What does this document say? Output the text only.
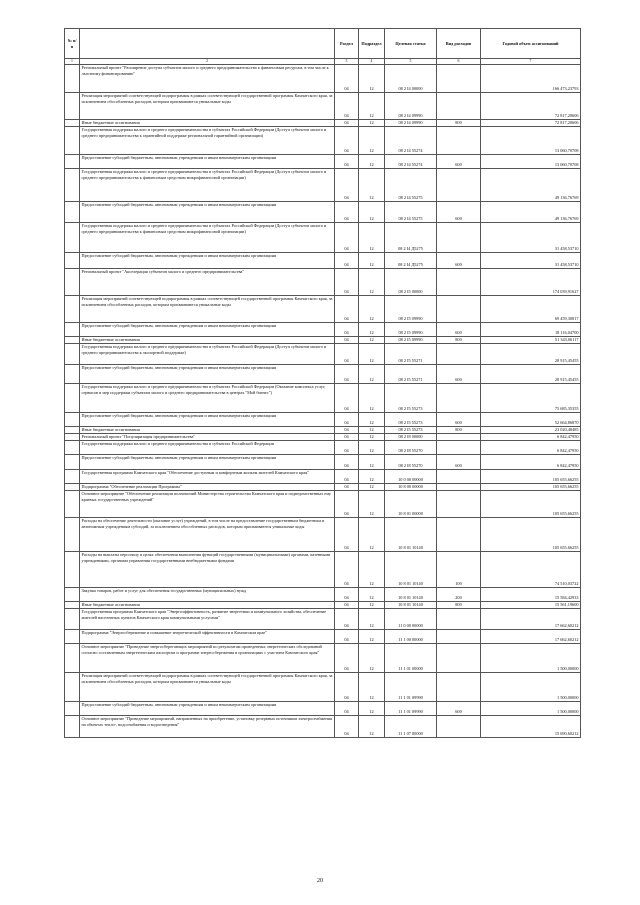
№ п/п		Раздел	Подраздел	Целевая статья	Вид расходов	Годовой объем ассигнований
1	2	3	4	5	6	7
	Региональный проект "Расширение доступа субъектов малого и среднего предпринимательства к финансовым ресурсам, в том числе к льготному финансированию"	04	12	08 2 I4 00000		166 473,23793
	Реализация мероприятий соответствующей подпрограммы в рамках соответствующей государственной программы Камчатского края, за исключением обособленных расходов, которым присваиваются уникальные коды	04	12	08 2 I4 09990		72 817,20606
	Иные бюджетные ассигнования	04	12	08 2 I4 09990	800	72 817,20606
	Государственная поддержка малого и среднего предпринимательства в субъектах Российской Федерации (Доступ субъектов малого и среднего предпринимательства к гарантийной поддержке региональной гарантийной организации)	04	12	08 2 I4 55274		13 060,70708
	Предоставление субсидий бюджетным, автономным учреждениям и иным некоммерческим организациям	04	12	08 2 I4 55274	600	13 060,70708
	Государственная поддержка малого и среднего предпринимательства в субъектах Российской Федерации (Доступ субъектов малого и среднего предпринимательства к финансовым средствам микрофинансовой организации)	04	12	08 2 I4 55275		49 136,76769
	Предоставление субсидий бюджетным, автономным учреждениям и иным некоммерческим организациям	04	12	08 2 I4 55275	600	49 136,76769
	Государственная поддержка малого и среднего предпринимательства в субъектах Российской Федерации (Доступ субъектов малого и среднего предпринимательства к финансовым средствам микрофинансовой организации)	04	12	08 2 I4 Д5275		31 458,53710
	Предоставление субсидий бюджетным, автономным учреждениям и иным некоммерческим организациям	04	12	08 2 I4 Д5275	600	31 458,53710
	Региональный проект "Акселерация субъектов малого и среднего предпринимательства"	04	12	08 2 I5 00000		174 039,91627
	Реализация мероприятий соответствующей подпрограммы в рамках соответствующей государственной программы Камчатского края, за исключением обособленных расходов, которым присваиваются уникальные коды	04	12	08 2 I5 09990		69 459,30817
	Предоставление субсидий бюджетным, автономным учреждениям и иным некоммерческим организациям	04	12	08 2 I5 09990	600	18 116,04700
	Иные бюджетные ассигнования	04	12	08 2 I5 09990	800	51 343,06117
	Государственная поддержка малого и среднего предпринимательства в субъектах Российской Федерации (Доступ субъектов малого и среднего предпринимательства к экспортной поддержке)	04	12	08 2 I5 55271		28 915,45455
	Предоставление субсидий бюджетным, автономным учреждениям и иным некоммерческим организациям	04	12	08 2 I5 55271	600	28 915,45455
	Государственная поддержка малого и среднего предпринимательства в субъектах Российской Федерации (Оказание комплекса услуг, сервисов и мер поддержки субъектам малого и среднего предпринимательства в центрах "Мой бизнес")	04	12	08 2 I5 55273		75 685,35355
	Предоставление субсидий бюджетным, автономным учреждениям и иным некоммерческим организациям	04	12	08 2 I5 55273	600	52 664,86870
	Иные бюджетные ассигнования	04	12	08 2 I5 55273	800	23 020,48485
	Региональный проект "Популяризация предпринимательства"	04	12	08 2 I8 00000		6 842,47950
	Государственная поддержка малого и среднего предпринимательства в субъектах Российской Федерации	04	12	08 2 I8 55270		6 842,47950
	Предоставление субсидий бюджетным, автономным учреждениям и иным некоммерческим организациям	04	12	08 2 I8 55270	600	6 842,47950
	Государственная программа Камчатского края "Обеспечение доступным и комфортным жильем жителей Камчатского края"	04	12	10 0 00 00000		105 655,66255
	Подпрограмма "Обеспечение реализации Программы"	04	12	10 8 00 00000		105 655,66255
	Основное мероприятие "Обеспечение реализации полномочий Министерства строительства Камчатского края и подведомственных ему краевых государственных учреждений"	04	12	10 8 01 00000		105 655,66255
	Расходы на обеспечение деятельности (оказание услуг) учреждений, в том числе на предоставление государственным бюджетным и автономным учреждениям субсидий, за исключением обособленных расходов, которым присваиваются уникальные коды	04	12	10 8 01 10140		105 655,66255
	Расходы на выплаты персоналу в целях обеспечения выполнения функций государственными (муниципальными) органами, казенными учреждениями, органами управления государственными внебюджетными фондами	04	12	10 8 01 10140	100	74 510,03722
	Закупка товаров, работ и услуг для обеспечения государственных (муниципальных) нужд	04	12	10 8 01 10140	200	15 584,42933
	Иные бюджетные ассигнования	04	12	10 8 01 10140	800	15 561,19600
	Государственная программа Камчатского края "Энергоэффективность, развитие энергетики и коммунального хозяйства, обеспечение жителей населенных пунктов Камчатского края коммунальными услугами"	04	12	11 0 00 00000		17 662,60212
	Подпрограмма "Энергосбережение и повышение энергетической эффективности в Камчатском крае"	04	12	11 1 00 00000		17 662,60212
	Основное мероприятие "Проведение энергосберегающих мероприятий по результатам проведенных энергетических обследований согласно составленным энергетическим паспортам и программе энергосбережения в организациях с участием Камчатского края"	04	12	11 1 01 00000		1 500,00000
	Реализация мероприятий соответствующей подпрограммы в рамках соответствующей государственной программы Камчатского края, за исключением обособленных расходов, которым присваиваются уникальные коды	04	12	11 1 01 09990		1 500,00000
	Предоставление субсидий бюджетным, автономным учреждениям и иным некоммерческим организациям	04	12	11 1 01 09990	600	1 500,00000
	Основное мероприятие "Проведение мероприятий, направленных на приобретение, установку резервных источников электроснабжения на объектах тепло-, водоснабжения и водоотведения"	04	12	11 1 07 00000		15 690,60212
20
